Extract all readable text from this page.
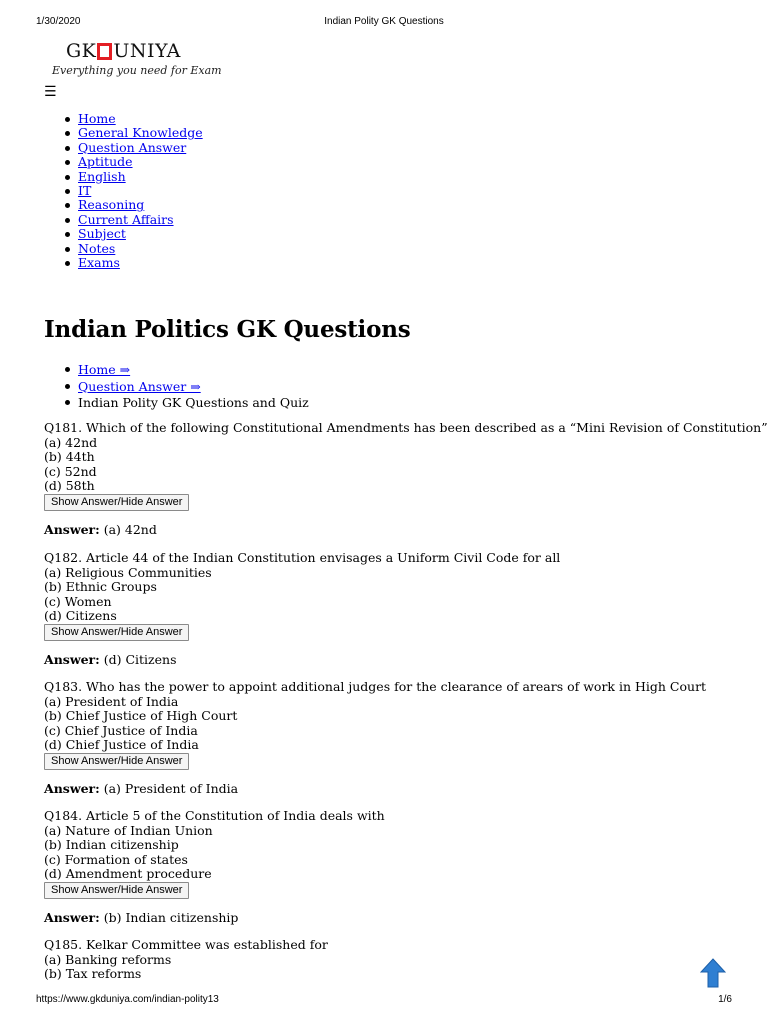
1/30/2020	Indian Polity GK Questions
GK UNIYA
Everything you need for Exam
☰
Home
General Knowledge
Question Answer
Aptitude
English
IT
Reasoning
Current Affairs
Subject
Notes
Exams
Indian Politics GK Questions
Home ⇒
Question Answer ⇒
Indian Polity GK Questions and Quiz
Q181. Which of the following Constitutional Amendments has been described as a “Mini Revision of Constitution”
(a) 42nd
(b) 44th
(c) 52nd
(d) 58th
Show Answer/Hide Answer
Answer: (a) 42nd
Q182. Article 44 of the Indian Constitution envisages a Uniform Civil Code for all
(a) Religious Communities
(b) Ethnic Groups
(c) Women
(d) Citizens
Show Answer/Hide Answer
Answer: (d) Citizens
Q183. Who has the power to appoint additional judges for the clearance of arears of work in High Court
(a) President of India
(b) Chief Justice of High Court
(c) Chief Justice of India
(d) Chief Justice of India
Show Answer/Hide Answer
Answer: (a) President of India
Q184. Article 5 of the Constitution of India deals with
(a) Nature of Indian Union
(b) Indian citizenship
(c) Formation of states
(d) Amendment procedure
Show Answer/Hide Answer
Answer: (b) Indian citizenship
Q185. Kelkar Committee was established for
(a) Banking reforms
(b) Tax reforms
https://www.gkduniya.com/indian-polity13	1/6
